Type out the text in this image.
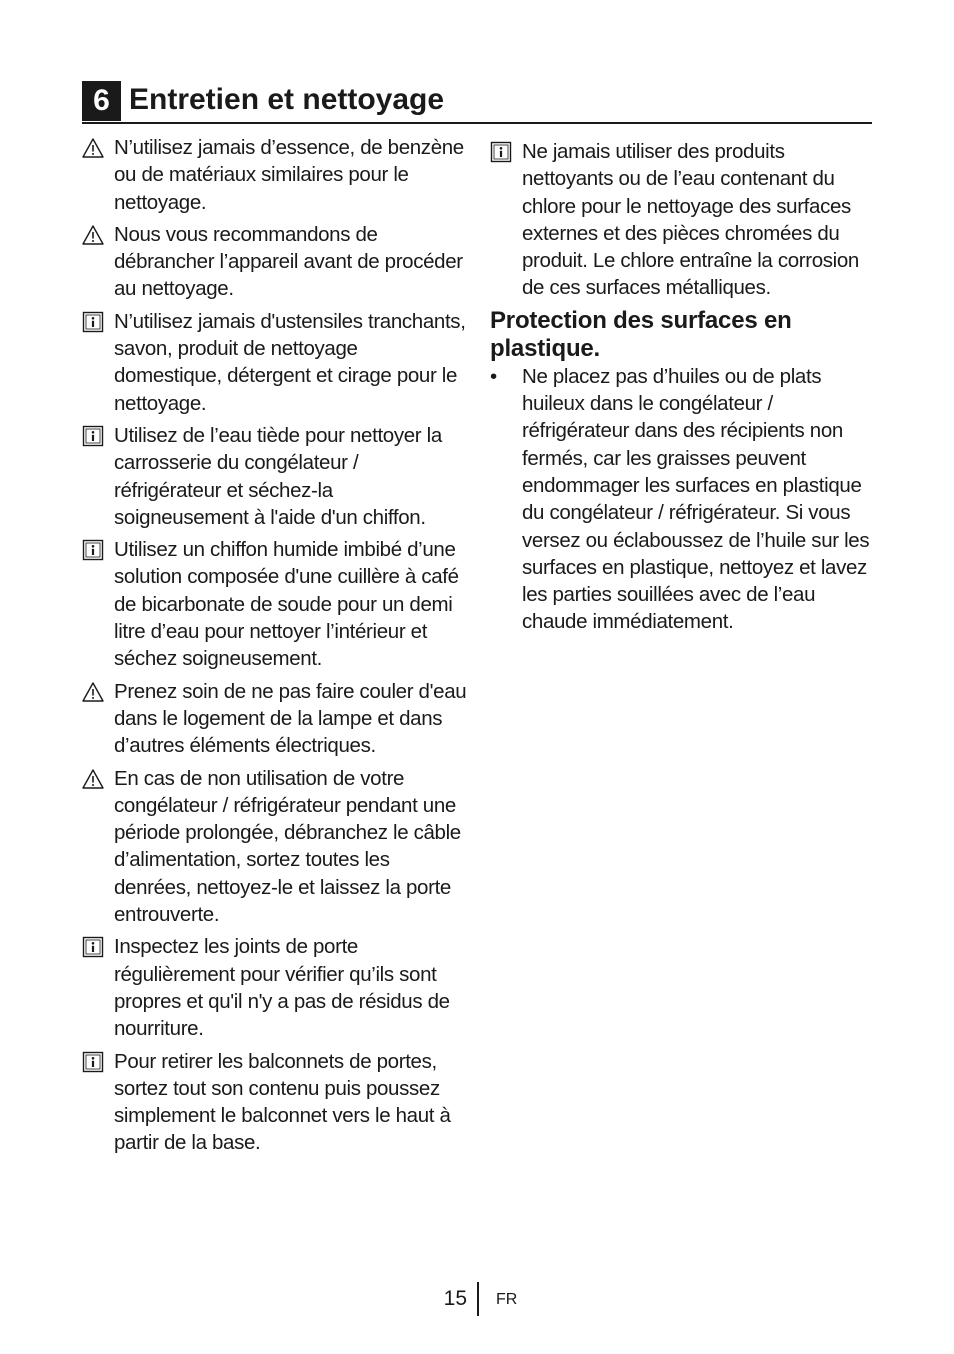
6 Entretien et nettoyage
N’utilisez jamais d’essence, de benzène ou de matériaux similaires pour le nettoyage.
Nous vous recommandons de débrancher l’appareil avant de procéder au nettoyage.
N’utilisez jamais d'ustensiles tranchants, savon, produit de nettoyage domestique, détergent et cirage pour le nettoyage.
Utilisez de l’eau tiède pour nettoyer la carrosserie du congélateur / réfrigérateur et séchez-la soigneusement à l'aide d'un chiffon.
Utilisez un chiffon humide imbibé d’une solution composée d'une cuillère à café de bicarbonate de soude pour un demi litre d’eau pour nettoyer l’intérieur et séchez soigneusement.
Prenez soin de ne pas faire couler d'eau dans le logement de la lampe et dans d’autres éléments électriques.
En cas de non utilisation de votre congélateur / réfrigérateur pendant une période prolongée, débranchez le câble d’alimentation, sortez toutes les denrées, nettoyez-le et laissez la porte entrouverte.
Inspectez les joints de porte régulièrement pour vérifier qu’ils sont propres et qu'il n'y a pas de résidus de nourriture.
Pour retirer les balconnets de portes, sortez tout son contenu puis poussez simplement le balconnet vers le haut à partir de la base.
Ne jamais utiliser des produits nettoyants ou de l’eau contenant du chlore pour le nettoyage des surfaces externes et des pièces chromées du produit. Le chlore entraîne la corrosion de ces surfaces métalliques.
Protection des surfaces en plastique.
• Ne placez pas d’huiles ou de plats huileux dans le congélateur / réfrigérateur dans des récipients non fermés, car les graisses peuvent endommager les surfaces en plastique du congélateur / réfrigérateur. Si vous versez ou éclaboussez de l’huile sur les surfaces en plastique, nettoyez et lavez les parties souillées avec de l’eau chaude immédiatement.
15 FR
